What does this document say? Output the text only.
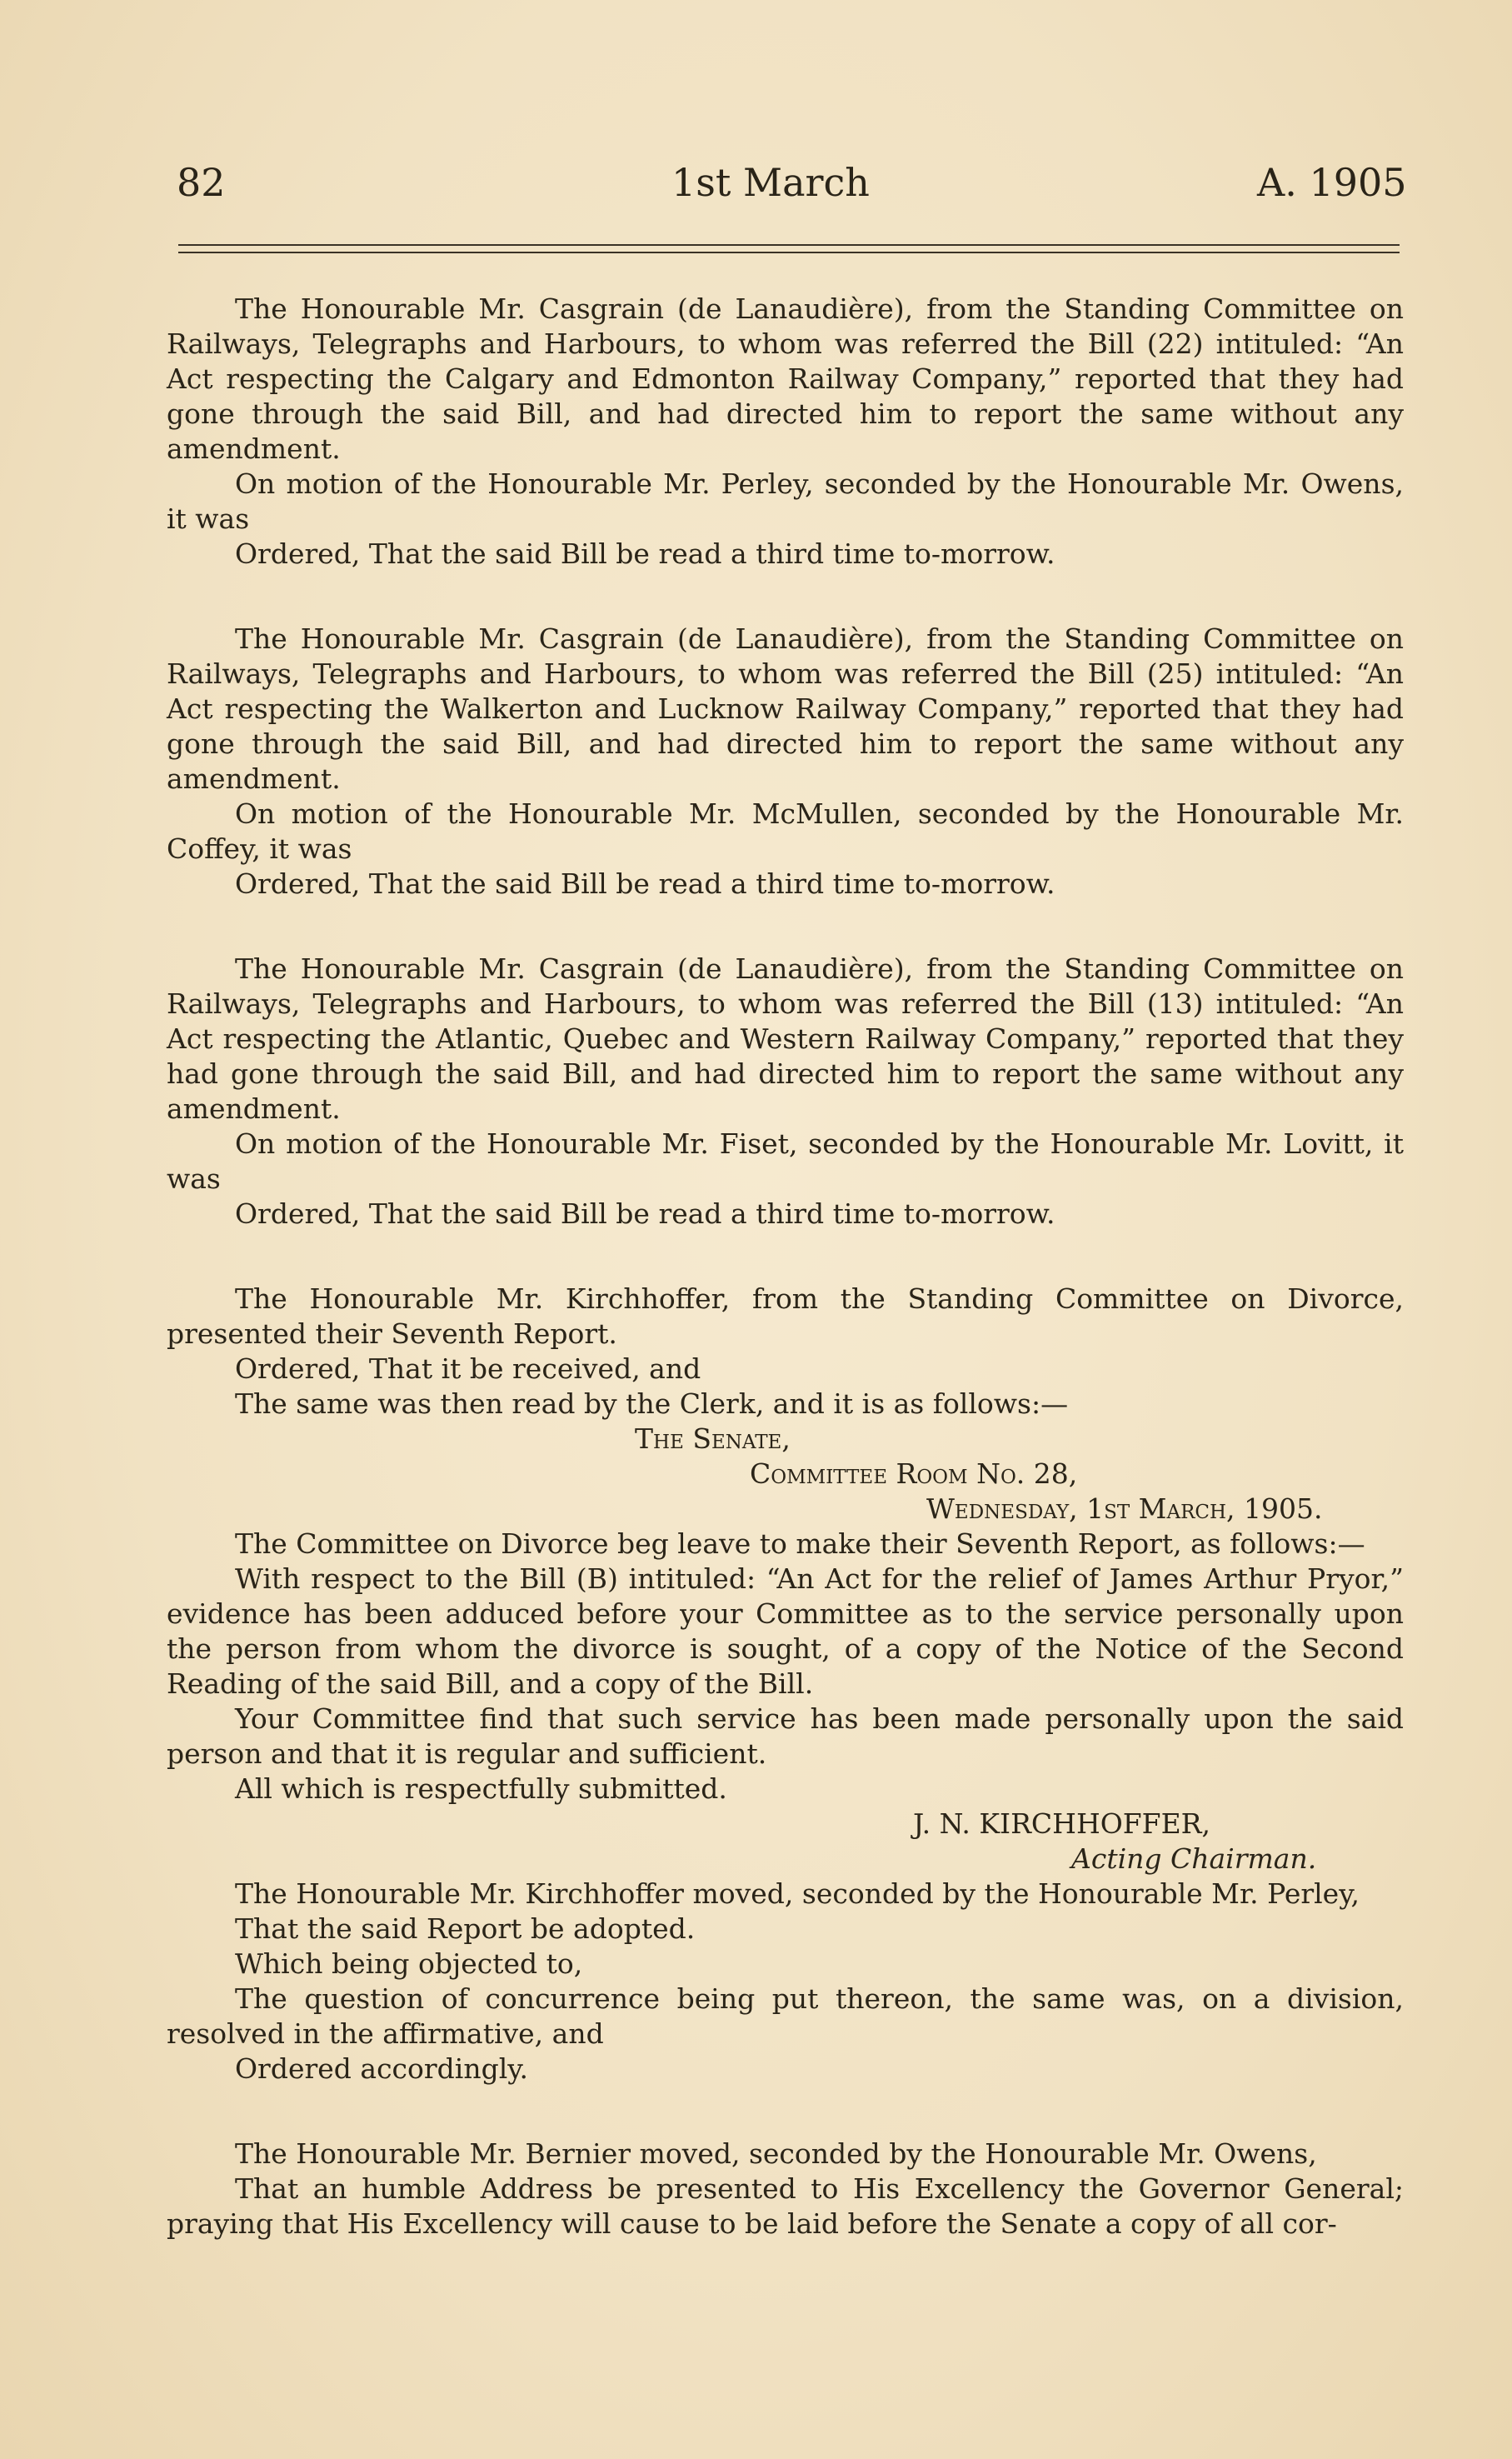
82	1st March	A. 1905

The Honourable Mr. Casgrain (de Lanaudière), from the Standing Committee on Railways, Telegraphs and Harbours, to whom was referred the Bill (22) intituled: “An Act respecting the Calgary and Edmonton Railway Company,” reported that they had gone through the said Bill, and had directed him to report the same without any amendment.

On motion of the Honourable Mr. Perley, seconded by the Honourable Mr. Owens, it was

Ordered, That the said Bill be read a third time to-morrow.

The Honourable Mr. Casgrain (de Lanaudière), from the Standing Committee on Railways, Telegraphs and Harbours, to whom was referred the Bill (25) intituled: “An Act respecting the Walkerton and Lucknow Railway Company,” reported that they had gone through the said Bill, and had directed him to report the same without any amendment.

On motion of the Honourable Mr. McMullen, seconded by the Honourable Mr. Coffey, it was

Ordered, That the said Bill be read a third time to-morrow.

The Honourable Mr. Casgrain (de Lanaudière), from the Standing Committee on Railways, Telegraphs and Harbours, to whom was referred the Bill (13) intituled: “An Act respecting the Atlantic, Quebec and Western Railway Company,” reported that they had gone through the said Bill, and had directed him to report the same without any amendment.

On motion of the Honourable Mr. Fiset, seconded by the Honourable Mr. Lovitt, it was

Ordered, That the said Bill be read a third time to-morrow.

The Honourable Mr. Kirchhoffer, from the Standing Committee on Divorce, presented their Seventh Report.

Ordered, That it be received, and

The same was then read by the Clerk, and it is as follows:—

The Senate,

Committee Room No. 28,

Wednesday, 1st March, 1905.

The Committee on Divorce beg leave to make their Seventh Report, as follows:—

With respect to the Bill (B) intituled: “An Act for the relief of James Arthur Pryor,” evidence has been adduced before your Committee as to the service personally upon the person from whom the divorce is sought, of a copy of the Notice of the Second Reading of the said Bill, and a copy of the Bill.

Your Committee find that such service has been made personally upon the said person and that it is regular and sufficient.

All which is respectfully submitted.

J. N. KIRCHHOFFER,

Acting Chairman.

The Honourable Mr. Kirchhoffer moved, seconded by the Honourable Mr. Perley,

That the said Report be adopted.

Which being objected to,

The question of concurrence being put thereon, the same was, on a division, resolved in the affirmative, and

Ordered accordingly.

The Honourable Mr. Bernier moved, seconded by the Honourable Mr. Owens,

That an humble Address be presented to His Excellency the Governor General; praying that His Excellency will cause to be laid before the Senate a copy of all cor-
